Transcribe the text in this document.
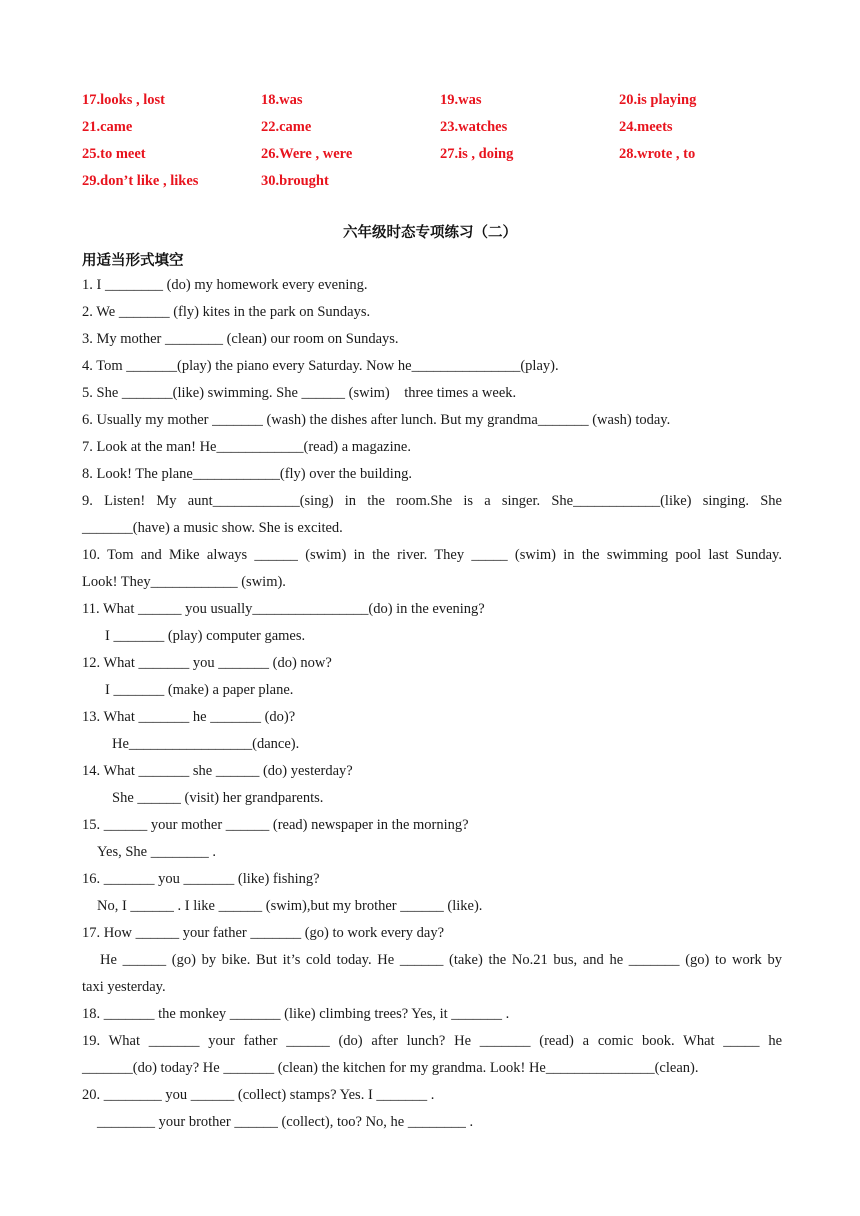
17.looks , lost	18.was	19.was	20.is playing
21.came	22.came	23.watches	24.meets
25.to meet	26.Were , were	27.is , doing	28.wrote , to
29.don’t like , likes	30.brought
六年级时态专项练习（二）
用适当形式填空
1. I ________ (do) my homework every evening.
2. We _______ (fly) kites in the park on Sundays.
3. My mother ________ (clean) our room on Sundays.
4. Tom _______(play) the piano every Saturday. Now he_______________(play).
5. She _______(like) swimming. She ______ (swim)    three times a week.
6. Usually my mother _______ (wash) the dishes after lunch. But my grandma_______ (wash) today.
7. Look at the man! He____________(read) a magazine.
8. Look! The plane____________(fly) over the building.
9. Listen! My aunt____________(sing) in the room.She is a singer. She____________(like) singing. She
_______(have) a music show. She is excited.
10. Tom and Mike always ______ (swim) in the river. They _____ (swim) in the swimming pool last Sunday.
Look! They____________ (swim).
11. What ______ you usually________________(do) in the evening?
I _______ (play) computer games.
12. What _______ you _______ (do) now?
I _______ (make) a paper plane.
13. What _______ he _______ (do)?
He_________________(dance).
14. What _______ she ______ (do) yesterday?
She ______ (visit) her grandparents.
15. ______ your mother ______ (read) newspaper in the morning?
Yes, She ________ .
16. _______ you _______ (like) fishing?
No, I ______ . I like ______ (swim),but my brother ______ (like).
17. How ______ your father _______ (go) to work every day?
He ______ (go) by bike. But it’s cold today. He ______ (take) the No.21 bus, and he _______ (go) to work by
taxi yesterday.
18. _______ the monkey _______ (like) climbing trees? Yes, it _______ .
19. What _______ your father ______ (do) after lunch? He _______ (read) a comic book. What _____ he
_______(do) today? He _______ (clean) the kitchen for my grandma. Look! He_______________(clean).
20. ________ you ______ (collect) stamps? Yes. I _______ .
________ your brother ______ (collect), too? No, he ________ .
